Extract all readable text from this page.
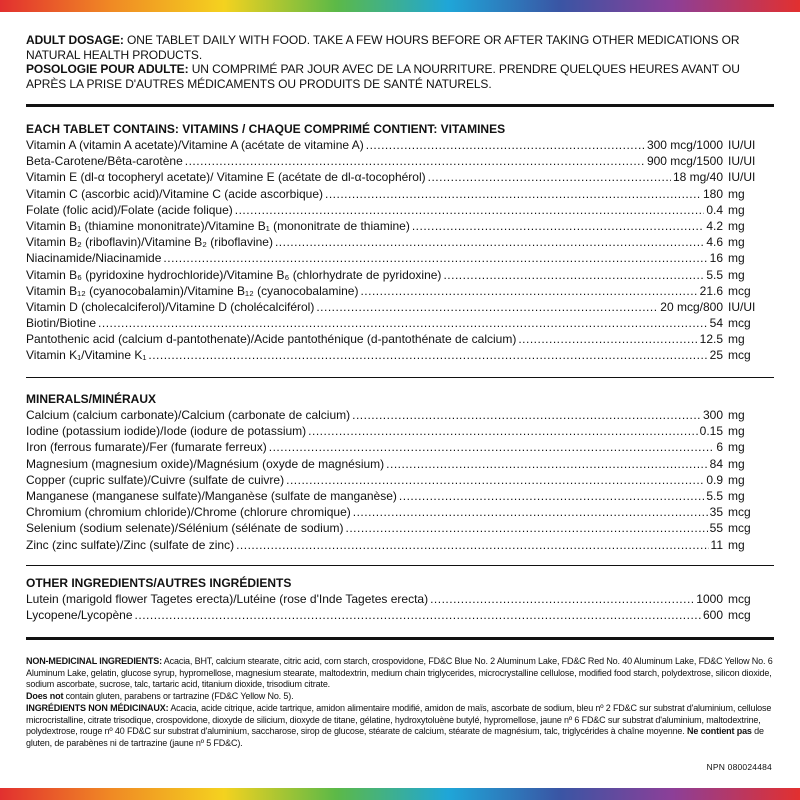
ADULT DOSAGE: ONE TABLET DAILY WITH FOOD. TAKE A FEW HOURS BEFORE OR AFTER TAKING OTHER MEDICATIONS OR NATURAL HEALTH PRODUCTS.
POSOLOGIE POUR ADULTE: UN COMPRIMÉ PAR JOUR AVEC DE LA NOURRITURE. PRENDRE QUELQUES HEURES AVANT OU APRÈS LA PRISE D'AUTRES MÉDICAMENTS OU PRODUITS DE SANTÉ NATURELS.
EACH TABLET CONTAINS: VITAMINS / CHAQUE COMPRIMÉ CONTIENT: VITAMINES
Vitamin A (vitamin A acetate)/Vitamine A (acétate de vitamine A) .....	300 mcg/1000 IU/UI
Beta-Carotene/Bêta-carotène .....	900 mcg/1500 IU/UI
Vitamin E (dl-α tocopheryl acetate)/ Vitamine E (acétate de dl-α-tocophérol) .....	18 mg/40 IU/UI
Vitamin C (ascorbic acid)/Vitamine C (acide ascorbique) .....	180 mg
Folate (folic acid)/Folate (acide folique) .....	0.4 mg
Vitamin B₁ (thiamine mononitrate)/Vitamine B₁ (mononitrate de thiamine) .....	4.2 mg
Vitamin B₂ (riboflavin)/Vitamine B₂ (riboflavine) .....	4.6 mg
Niacinamide/Niacinamide .....	16 mg
Vitamin B₆ (pyridoxine hydrochloride)/Vitamine B₆ (chlorhydrate de pyridoxine) .....	5.5 mg
Vitamin B₁₂ (cyanocobalamin)/Vitamine B₁₂ (cyanocobalamine) .....	21.6 mcg
Vitamin D (cholecalciferol)/Vitamine D (cholécalciférol) .....	20 mcg/800 IU/UI
Biotin/Biotine .....	54 mcg
Pantothenic acid (calcium d-pantothenate)/Acide pantothénique (d-pantothénate de calcium) .....	12.5 mg
Vitamin K₁/Vitamine K₁ .....	25 mcg
MINERALS/MINÉRAUX
Calcium (calcium carbonate)/Calcium (carbonate de calcium) .....	300 mg
Iodine (potassium iodide)/Iode (iodure de potassium) .....	0.15 mg
Iron (ferrous fumarate)/Fer (fumarate ferreux) .....	6 mg
Magnesium (magnesium oxide)/Magnésium (oxyde de magnésium) .....	84 mg
Copper (cupric sulfate)/Cuivre (sulfate de cuivre) .....	0.9 mg
Manganese (manganese sulfate)/Manganèse (sulfate de manganèse) .....	5.5 mg
Chromium (chromium chloride)/Chrome (chlorure chromique) .....	35 mcg
Selenium (sodium selenate)/Sélénium (sélénate de sodium) .....	55 mcg
Zinc (zinc sulfate)/Zinc (sulfate de zinc) .....	11 mg
OTHER INGREDIENTS/AUTRES INGRÉDIENTS
Lutein (marigold flower Tagetes erecta)/Lutéine (rose d'Inde Tagetes erecta) .....	1000 mcg
Lycopene/Lycopène .....	600 mcg
NON-MEDICINAL INGREDIENTS: Acacia, BHT, calcium stearate, citric acid, corn starch, crospovidone, FD&C Blue No. 2 Aluminum Lake, FD&C Red No. 40 Aluminum Lake, FD&C Yellow No. 6 Aluminum Lake, gelatin, glucose syrup, hypromellose, magnesium stearate, maltodextrin, medium chain triglycerides, microcrystalline cellulose, modified food starch, polydextrose, silicon dioxide, sodium ascorbate, sucrose, talc, tartaric acid, titanium dioxide, trisodium citrate.
Does not contain gluten, parabens or tartrazine (FD&C Yellow No. 5).
INGRÉDIENTS NON MÉDICINAUX: Acacia, acide citrique, acide tartrique, amidon alimentaire modifié, amidon de maïs, ascorbate de sodium, bleu nº 2 FD&C sur substrat d'aluminium, cellulose microcristalline, citrate trisodique, crospovidone, dioxyde de silicium, dioxyde de titane, gélatine, hydroxytoluène butylé, hypromellose, jaune nº 6 FD&C sur substrat d'aluminium, maltodextrine, polydextrose, rouge nº 40 FD&C sur substrat d'aluminium, saccharose, sirop de glucose, stéarate de calcium, stéarate de magnésium, talc, triglycérides à chaîne moyenne. Ne contient pas de gluten, de parabènes ni de tartrazine (jaune nº 5 FD&C).
NPN 080024484
